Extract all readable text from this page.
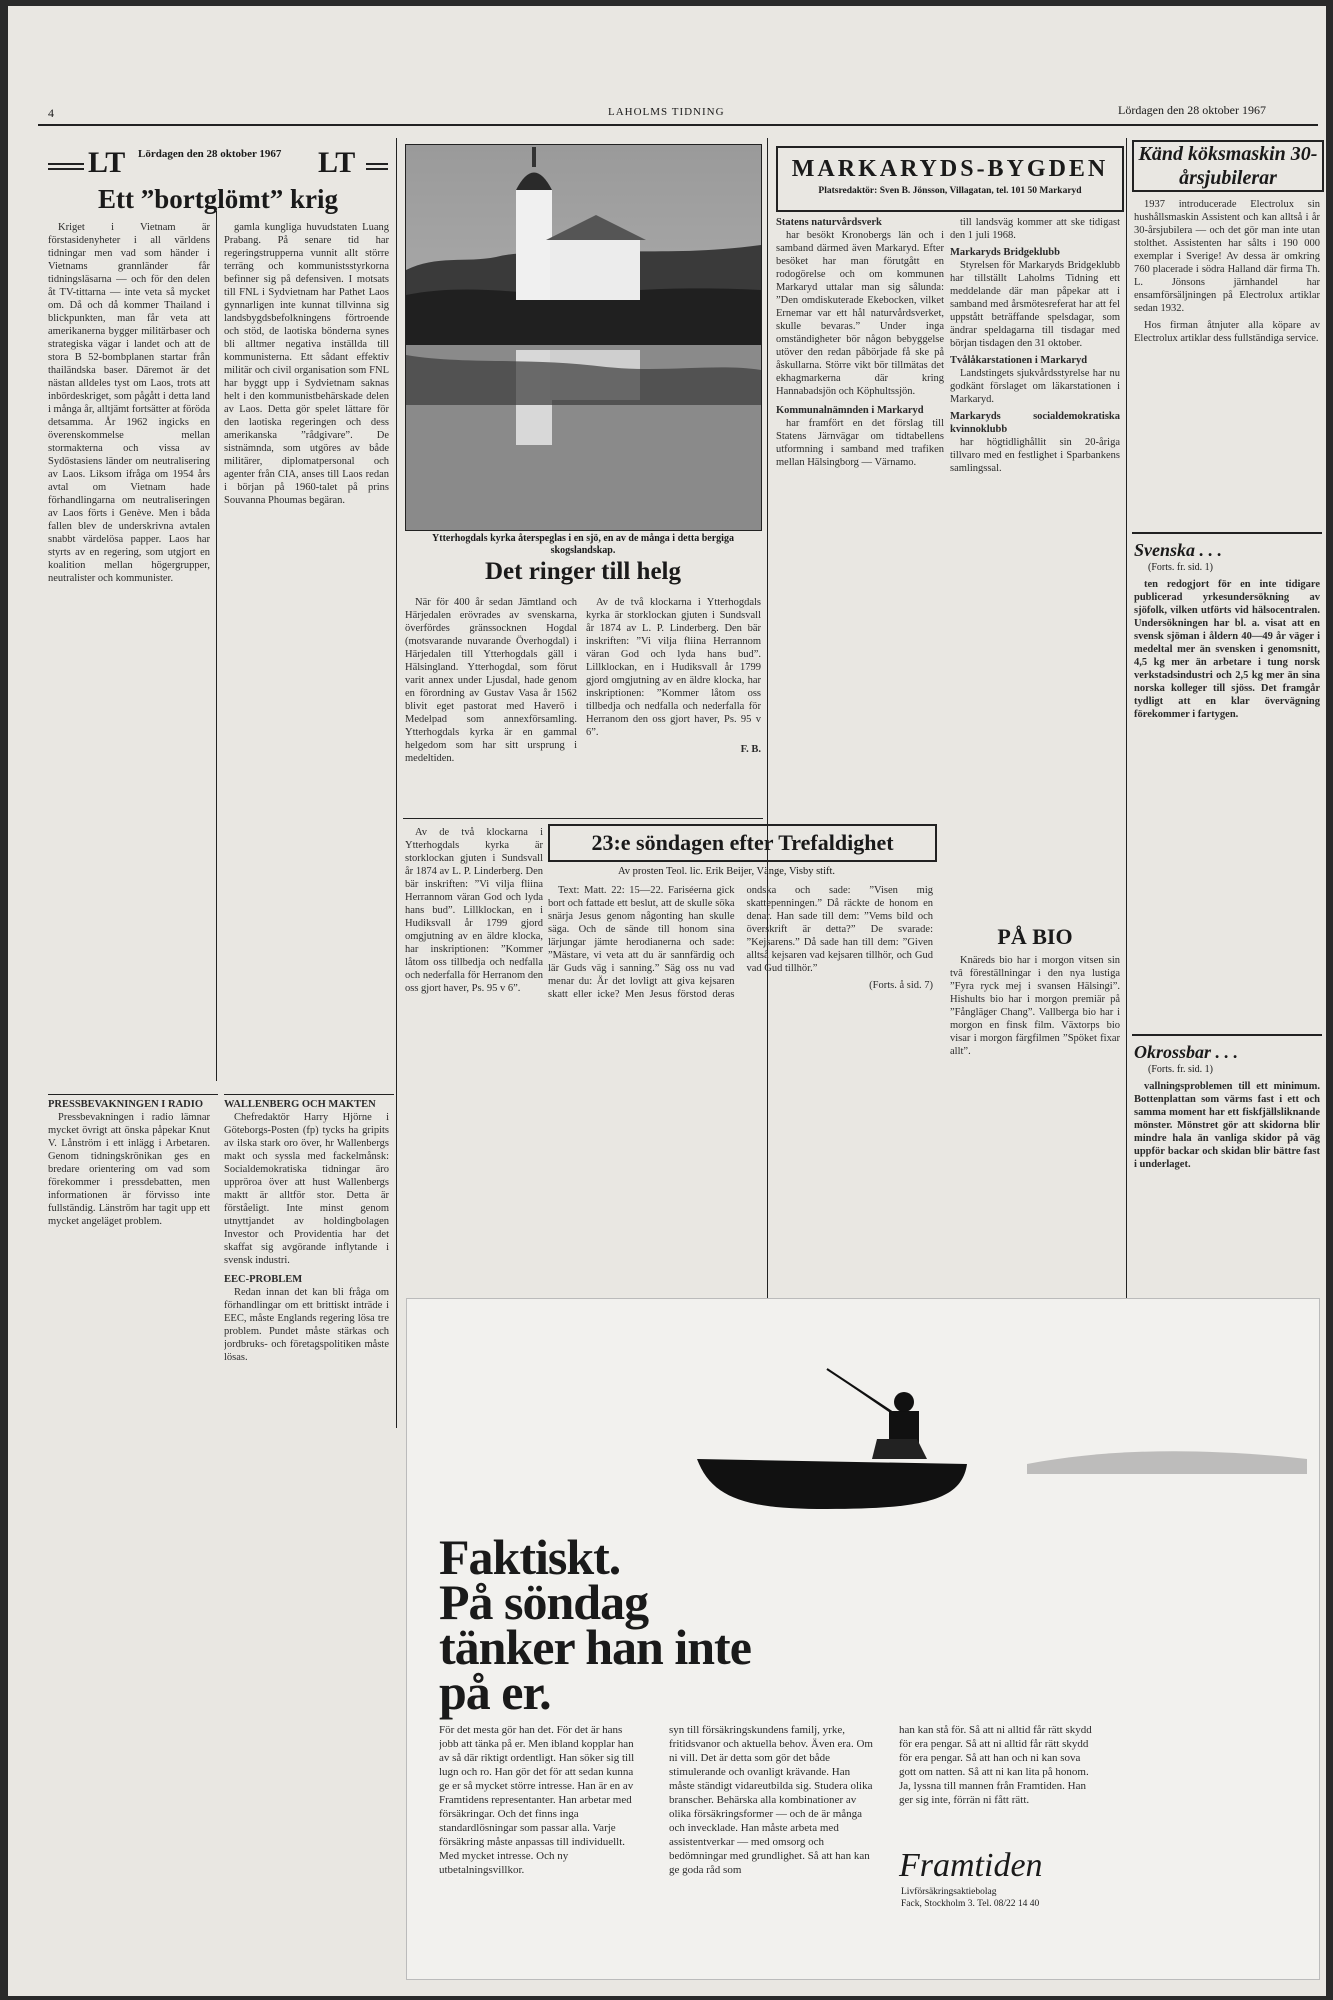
4	LAHOLMS TIDNING	Lördagen den 28 oktober 1967
LT Lördagen den 28 oktober 1967 LT
Ett ”bortglömt” krig

Kriget i Vietnam är förstasidenyheter i all världens tidningar men vad som händer i Vietnams grannländer får tidningsläsarna — och för den delen åt TV-tittarna — inte veta så mycket om. Då och då kommer Thailand i blickpunkten, man får veta att amerikanerna bygger militärbaser och strategiska vägar i landet och att de stora B 52-bombplanen startar från thailändska baser. Däremot är det nästan alldeles tyst om Laos, trots att inbördeskriget, som pågått i detta land i många år, alltjämt fortsätter at förödа detsamma. År 1962 ingicks en överenskommelse mellan stormakterna och vissa av Sydöstasiens länder om neutralisering av Laos. Liksom ifråga om 1954 års avtal om Vietnam hade förhandlingarna om neutraliseringen av Laos förts i Genève. Men i båda fallen blev de underskrivna avtalen snabbt värdelösa papper. Laos har styrts av en regering, som utgjort en koalition mellan högergrupper, neutralister och kommunister.

gamla kungliga huvudstaten Luang Prabang. På senare tid har regeringstrupperna vunnit allt större terräng och kommunistsstyrkorna befinner sig på defensiven. I motsats till FNL i Sydvietnam har Pathet Laos gynnarligen inte kunnat tillvinna sig landsbygdsbefolkningens förtroende och stöd, de laotiska bönderna synes bli alltmer negativa inställda till kommunisterna. Ett sådant effektiv militär och civil organisation som FNL har byggt upp i Sydvietnam saknas helt i den kommunistbehärskade delen av Laos. Detta gör spelet lättare för den laotiska regeringen och dess amerikanska ”rådgivare”. De sistnämnda, som utgöres av både militärer, diplomatpersonal och agenter från CIA, anses till Laos redan i början på 1960-talet på prins Souvanna Phoumas begäran.

PRESSBEVAKNINGEN I RADIO

Pressbevakningen i radio lämnar mycket övrigt att önska påpekar Knut V. Lånström i ett inlägg i Arbetaren. Genom tidningskrönikan ges en bredare orientering om vad som förekommer i pressdebatten, men informationen är förvisso inte fullständig. Länström har tagit upp ett mycket angeläget problem.

WALLENBERG OCH MAKTEN

Chefredaktör Harry Hjörne i Göteborgs-Posten (fp) tycks ha gripits av ilska stark oro över, hr Wallenbergs makt och syssla med fackelmånsk: Socialdemokratiska tidningar äro uppröroa över att hust Wallenbergs maktt är alltför stor. Detta är förståeligt. Inte minst genom utnyttjandet av holdingbolagen Investor och Providentia har det skaffat sig avgörande inflytande i svensk industri.

EEC-PROBLEM

Redan innan det kan bli fråga om förhandlingar om ett brittiskt inträde i EEC, måste Englands regering lösa tre problem. Pundet måste stärkas och jordbruks- och företagspolitiken måste lösas.

Ytterhogdals kyrka återspeglas i en sjö, en av de många i detta bergiga skogslandskap.
Det ringer till helg

När för 400 år sedan Jämtland och Härjedalen erövrades av svenskarna, överfördes gränssocknen Hogdal (motsvarande nuvarande Överhogdal) i Härjedalen till Ytterhogdals gäll i Hälsingland. Ytterhogdal, som förut varit annex under Ljusdal, hade genom en förordning av Gustav Vasa år 1562 blivit eget pastorat med Haverö i Medelpad som annexförsamling. Ytterhogdals kyrka är en gammal helgedom som har sitt ursprung i medeltiden.

Av de två klockarna i Ytterhogdals kyrka är storklockan gjuten i Sundsvall år 1874 av L. P. Linderberg. Den bär inskriften: ”Vi vilja fliina Herrannom väran God och lyda hans bud”. Lillklockan, en i Hudiksvall år 1799 gjord omgjutning av en äldre klocka, har inskriptionen: ”Kommer låtom oss tillbedja och nedfalla och nederfalla för Herranom den oss gjort haver, Ps. 95 v 6”.

F. B.
23:e söndagen efter Trefaldighet
Av prosten Teol. lic. Erik Beijer, Vänge, Visby stift.

Text: Matt. 22: 15—22. Fariséerna gick bort och fattade ett beslut, att de skulle söka snärja Jesus genom någonting han skulle säga. Och de sände till honom sina lärjungar jämte herodianerna och sade: ”Mästare, vi veta att du är sannfärdig och lär Guds väg i sanning.” Säg oss nu vad menar du: Är det lovligt att giva kejsaren skatt eller icke? Men Jesus förstod deras ondska och sade: ”Visen mig skattepenningen.” Då räckte de honom en denar. Han sade till dem: ”Vems bild och överskrift är detta?” De svarade: ”Kejsarens.” Då sade han till dem: ”Given alltså kejsaren vad kejsaren tillhör, och Gud vad Gud tillhör.”

(Forts. å sid. 7)

Av de två klockarna i Ytterhogdals kyrka är storklockan gjuten i Sundsvall år 1874 av L. P. Linderberg. Den bär inskriften: ”Vi vilja fliina Herrannom väran God och lyda hans bud”. Lillklockan, en i Hudiksvall år 1799 gjord omgjutning av en äldre klocka, har inskriptionen: ”Kommer låtom oss tillbedja och nedfalla och nederfalla för Herranom den oss gjort haver, Ps. 95 v 6”.

MARKARYDS-BYGDEN
Platsredaktör: Sven B. Jönsson, Villagatan, tel. 101 50 Markaryd
Statens naturvårdsverk

har besökt Kronobergs län och i samband därmed även Markaryd. Efter besöket har man förutgått en rodogörelse och om kommunen Markaryd uttalar man sig sålunda: ”Den omdiskuterade Ekebocken, vilket Ernemar var ett hål naturvårdsverket, skulle bevaras.” Under inga omständigheter bör någon bebyggelse utöver den redan påbörjade få ske på åskullarna. Större vikt bör tillmätas det ekhagmarkerna där kring Hannabadsjön och Köphultssjön.

Kommunalnämnden i Markaryd

har framfört en det förslag till Statens Järnvägar om tidtabellens utformning i samband med trafiken mellan Hälsingborg — Värnamo.

till landsväg kommer att ske tidigast den 1 juli 1968.

Markaryds Bridgeklubb

Styrelsen för Markaryds Bridgeklubb har tillställt Laholms Tidning ett meddelande där man påpekar att i samband med årsmötesreferat har att fel uppstått beträffande spelsdagar, som ändrar speldagarna till tisdagar med början tisdagen den 31 oktober.

Tvålåkarstationen i Markaryd

Landstingets sjukvårdsstyrelse har nu godkänt förslaget om läkarstationen i Markaryd.

Markaryds socialdemokratiska kvinnoklubb

har högtidlighållit sin 20-åriga tillvaro med en festlighet i Sparbankens samlingssal.

PÅ BIO

Knäreds bio har i morgon vitsen sin tvâ föreställningar i den nya lustiga ”Fyra ryck mej i svansen Hälsingi”. Hishults bio har i morgon premiär på ”Fångläger Chang”. Vallberga bio har i morgon en finsk film. Växtorps bio visar i morgon färgfilmen ”Spöket fixar allt”.

Känd köksmaskin 30-årsjubilerar

1937 introducerade Electrolux sin hushållsmaskin Assistent och kan alltså i år 30-årsjubilera — och det gör man inte utan stolthet. Assistenten har sålts i 190 000 exemplar i Sverige! Av dessa är omkring 760 placerade i södra Halland där firma Th. L. Jönsons järnhandel har ensamförsäljningen på Electrolux artiklar sedan 1932.

Hos firman åtnjuter alla köpare av Electrolux artiklar dess fullständiga service.

Svenska . . .
(Forts. fr. sid. 1)

ten redogjort för en inte tidigare publicerad yrkesundersökning av sjöfolk, vilken utförts vid hälsocentralen. Undersökningen har bl. a. visat att en svensk sjöman i åldern 40—49 år väger i medeltal mer än svensken i genomsnitt, 4,5 kg mer än arbetare i tung norsk verkstadsindustri och 2,5 kg mer än sina norska kolleger till sjöss. Det framgår tydligt att en klar övervägning förekommer i fartygen.

Okrossbar . . .
(Forts. fr. sid. 1)

vallningsproblemen till ett minimum. Bottenplattan som värms fast i ett och samma moment har ett fiskfjällsliknande mönster. Mönstret gör att skidorna blir mindre hala än vanliga skidor på väg uppför backar och skidan blir bättre fast i underlaget.

Faktiskt.
På söndag
tänker han inte
på er.
För det mesta gör han det. För det är hans jobb att tänka på er. Men ibland kopplar han av så där riktigt ordentligt. Han söker sig till lugn och ro. Han gör det för att sedan kunna ge er så mycket större intresse. Han är en av Framtidens representanter. Han arbetar med försäkringar. Och det finns inga standardlösningar som passar alla. Varje försäkring måste anpassas till individuellt. Med mycket intresse. Och ny utbetalningsvillkor.
syn till försäkringskundens familj, yrke, fritidsvanor och aktuella behov. Även era. Om ni vill. Det är detta som gör det både stimulerande och ovanligt krävande. Han måste ständigt vidareutbilda sig. Studera olika branscher. Behärska alla kombinationer av olika försäkringsformer — och de är många och invecklade. Han måste arbeta med assistentverkar — med omsorg och bedömningar med grundlighet. Så att han kan ge goda råd som
han kan stå för. Så att ni alltid får rätt skydd för era pengar. Så att ni alltid får rätt skydd för era pengar. Så att han och ni kan sova gott om natten. Så att ni kan lita på honom. Ja, lyssna till mannen från Framtiden. Han ger sig inte, förrän ni fått rätt.
Framtiden
Livförsäkringsaktiebolag
Fack, Stockholm 3. Tel. 08/22 14 40
